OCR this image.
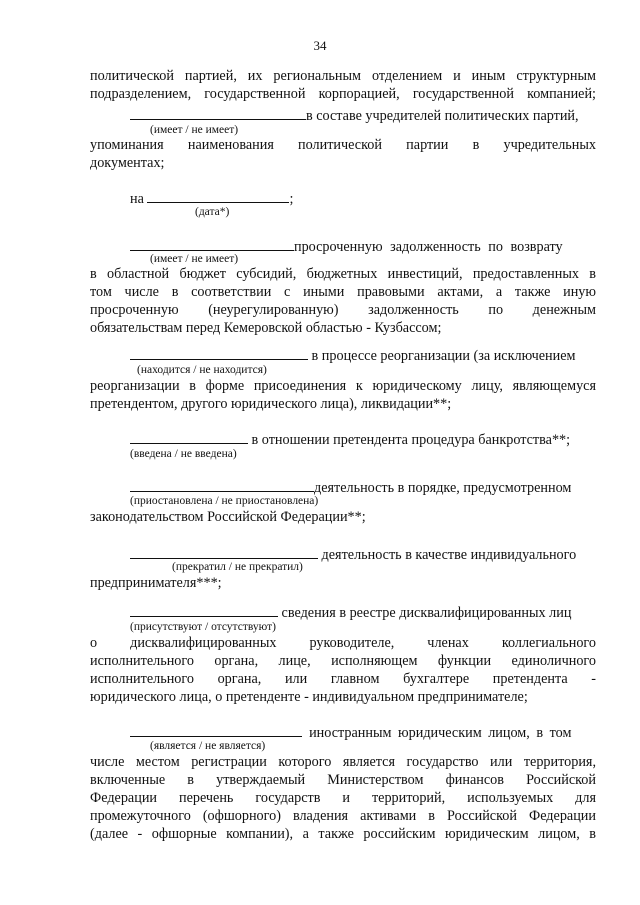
34
политической партией, их региональным отделением и иным структурным
подразделением, государственной корпорацией, государственной компанией;
в составе учредителей политических партий,
(имеет / не имеет)
упоминания наименования политической партии в учредительных
документах;
на	;
(дата*)
просроченную задолженность по возврату
(имеет / не имеет)
в областной бюджет субсидий, бюджетных инвестиций, предоставленных в
том числе в соответствии с иными правовыми актами, а также иную
просроченную (неурегулированную) задолженность по денежным
обязательствам перед Кемеровской областью - Кузбассом;
в процессе реорганизации (за исключением
(находится / не находится)
реорганизации в форме присоединения к юридическому лицу, являющемуся
претендентом, другого юридического лица), ликвидации**;
в отношении претендента процедура банкротства**;
(введена / не введена)
деятельность в порядке, предусмотренном
(приостановлена / не приостановлена)
законодательством Российской Федерации**;
деятельность в качестве индивидуального
(прекратил / не прекратил)
предпринимателя***;
сведения в реестре дисквалифицированных лиц
(присутствуют / отсутствуют)
о дисквалифицированных руководителе, членах коллегиального
исполнительного органа, лице, исполняющем функции единоличного
исполнительного органа, или главном бухгалтере претендента -
юридического лица, о претенденте - индивидуальном предпринимателе;
иностранным юридическим лицом, в том
(является / не является)
числе местом регистрации которого является государство или территория,
включенные в утверждаемый Министерством финансов Российской
Федерации перечень государств и территорий, используемых для
промежуточного (офшорного) владения активами в Российской Федерации
(далее - офшорные компании), а также российским юридическим лицом, в
